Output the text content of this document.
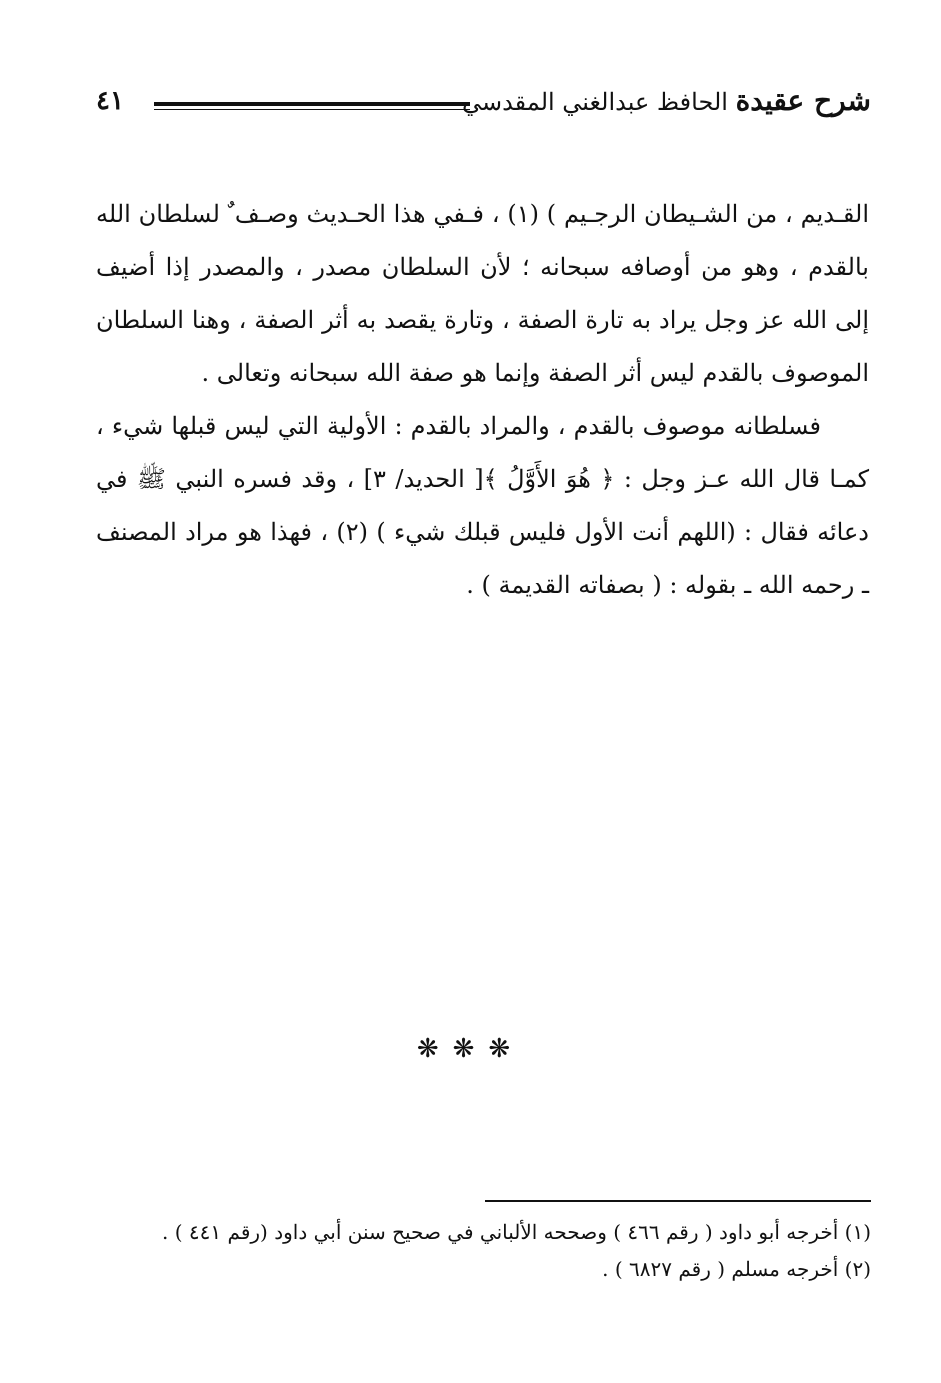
شرح عقيدة الحافظ عبدالغني المقدسي
٤١

القـديم ، من الشـيطان الرجـيم ) (١) ، فـفي هذا الحـديث وصـف ٌ لسلطان الله بالقدم ، وهو من أوصافه سبحانه ؛ لأن السلطان مصدر ، والمصدر إذا أضيف إلى الله عز وجل يراد به تارة الصفة ، وتارة يقصد به أثر الصفة ، وهنا السلطان الموصوف بالقدم ليس أثر الصفة وإنما هو صفة الله سبحانه وتعالى .

فسلطانه موصوف بالقدم ، والمراد بالقدم : الأولية التي ليس قبلها شيء ، كمـا قال الله عـز وجل : ﴿ هُوَ الأَوَّلُ ﴾[ الحديد/ ٣] ، وقد فسره النبي ﷺ في دعائه فقال : (اللهم أنت الأول فليس قبلك شيء ) (٢) ، فهذا هو مراد المصنف ـ رحمه الله ـ بقوله : ( بصفاته القديمة ) .

❋❋❋
(١) أخرجه أبو داود ( رقم ٤٦٦ ) وصححه الألباني في صحيح سنن أبي داود (رقم ٤٤١ ) .
(٢) أخرجه مسلم ( رقم ٦٨٢٧ ) .
